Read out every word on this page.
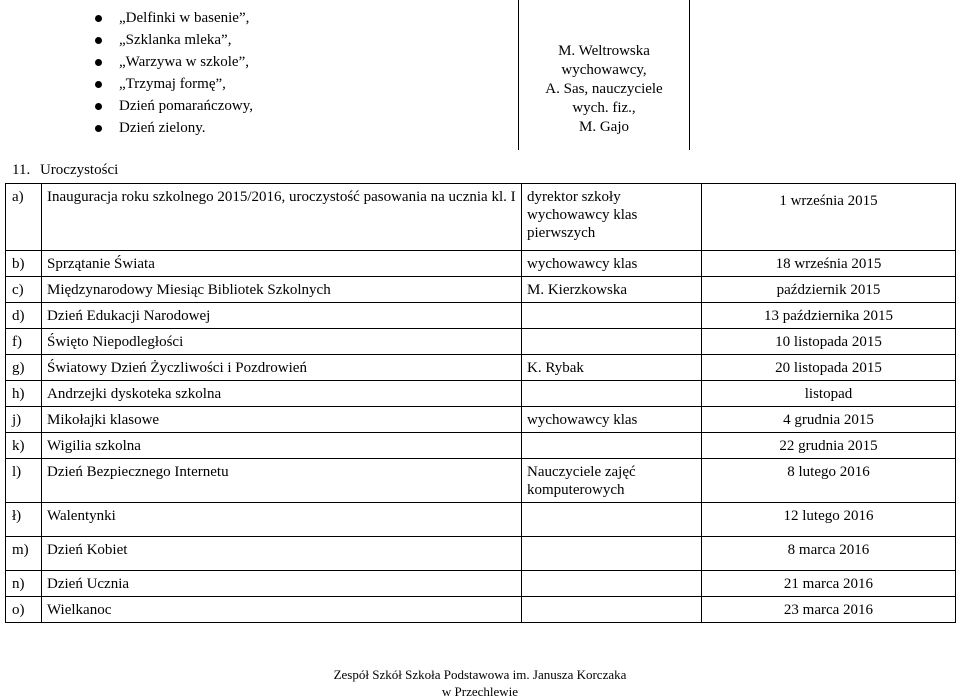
„Delfinki w basenie”,
„Szklanka mleka”,
„Warzywa w szkole”,
„Trzymaj formę”,
Dzień pomarańczowy,
Dzień zielony.
M. Weltrowska
wychowawcy,
A. Sas, nauczyciele
wych. fiz.,
M. Gajo
11. Uroczystości
a)	Inauguracja roku szkolnego 2015/2016, uroczystość pasowania na uczniа kl. I	dyrektor szkoły wychowawcy klas pierwszych	1 września 2015
b)	Sprzątanie Świata	wychowawcy klas	18 września 2015
c)	Międzynarodowy Miesiąc Bibliotek Szkolnych	M. Kierzkowska	październik 2015
d)	Dzień Edukacji Narodowej		13 października 2015
f)	Święto Niepodległości		10 listopada 2015
g)	Światowy Dzień Życzliwości i Pozdrowień	K. Rybak	20 listopada 2015
h)	Andrzejki dyskoteka szkolna		listopad
j)	Mikołajki klasowe	wychowawcy klas	4 grudnia 2015
k)	Wigilia szkolna		22 grudnia 2015
l)	Dzień Bezpiecznego Internetu	Nauczyciele zajęć komputerowych	8 lutego 2016
ł)	Walentynki		12 lutego 2016
m)	Dzień Kobiet		8 marca 2016
n)	Dzień Ucznia		21 marca 2016
o)	Wielkanoc		23 marca 2016
Zespół Szkół Szkoła Podstawowa im. Janusza Korczaka
w Przechlewie
